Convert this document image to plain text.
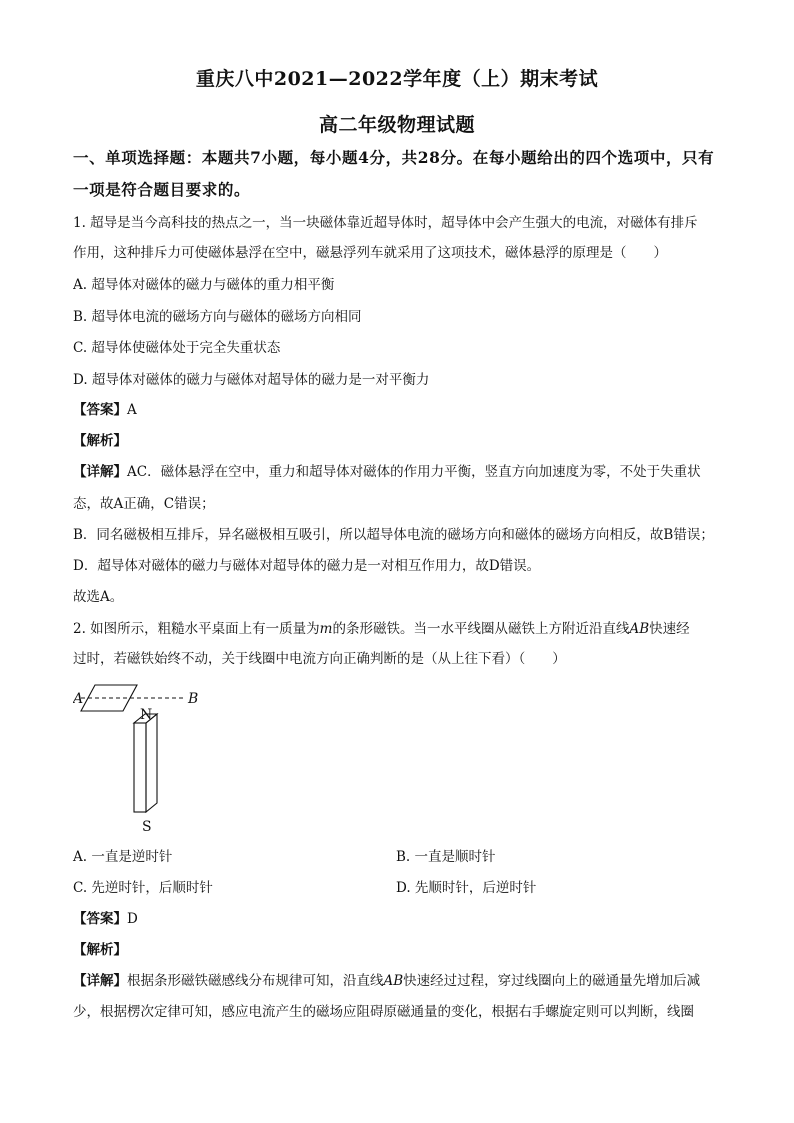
重庆八中2021—2022学年度（上）期末考试
高二年级物理试题
一、单项选择题：本题共7小题，每小题4分，共28分。在每小题给出的四个选项中，只有
一项是符合题目要求的。
1. 超导是当今高科技的热点之一，当一块磁体靠近超导体时，超导体中会产生强大的电流，对磁体有排斥
作用，这种排斥力可使磁体悬浮在空中，磁悬浮列车就采用了这项技术，磁体悬浮的原理是（　　）
A. 超导体对磁体的磁力与磁体的重力相平衡
B. 超导体电流的磁场方向与磁体的磁场方向相同
C. 超导体使磁体处于完全失重状态
D. 超导体对磁体的磁力与磁体对超导体的磁力是一对平衡力
【答案】A
【解析】
【详解】AC．磁体悬浮在空中，重力和超导体对磁体的作用力平衡，竖直方向加速度为零，不处于失重状
态，故A正确，C错误；
B．同名磁极相互排斥，异名磁极相互吸引，所以超导体电流的磁场方向和磁体的磁场方向相反，故B错误；
D．超导体对磁体的磁力与磁体对超导体的磁力是一对相互作用力，故D错误。
故选A。
2. 如图所示，粗糙水平桌面上有一质量为m的条形磁铁。当一水平线圈从磁铁上方附近沿直线AB快速经
过时，若磁铁始终不动，关于线圈中电流方向正确判断的是（从上往下看）（　　）
A	B
N
S
A. 一直是逆时针	B. 一直是顺时针
C. 先逆时针，后顺时针	D. 先顺时针，后逆时针
【答案】D
【解析】
【详解】根据条形磁铁磁感线分布规律可知，沿直线AB快速经过过程，穿过线圈向上的磁通量先增加后减
少，根据楞次定律可知，感应电流产生的磁场应阻碍原磁通量的变化，根据右手螺旋定则可以判断，线圈
